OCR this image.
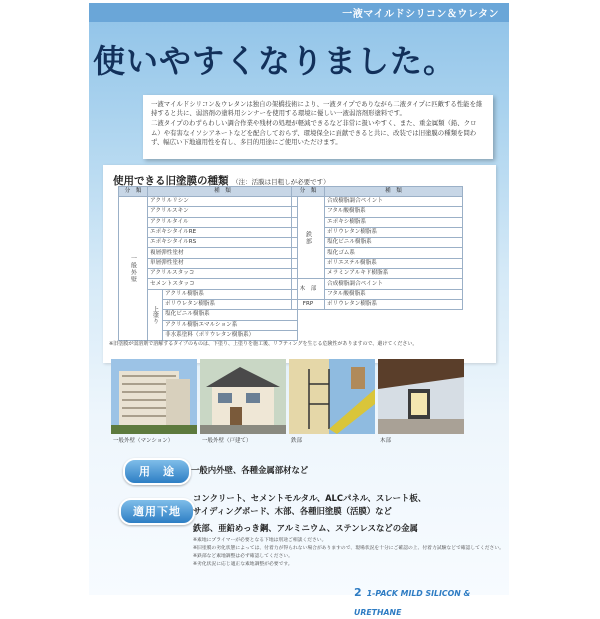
一液マイルドシリコン＆ウレタン
使いやすくなりました。

一液マイルドシリコン＆ウレタンは独自の架橋技術により、一液タイプでありながら二液タイプに匹敵する性能を維持すると共に、弱溶剤の塗料用シンナーを使用する環境に優しい一液弱溶剤形塗料です。

二液タイプのわずらわしい調合作業や残材の処理が軽減できるなど非常に扱いやすく、また、重金属類（鉛、クロム）や有害なイソシアネートなどを配合しておらず、環境保全に貢献できると共に、改装では旧塗膜の種類を問わず、幅広い下地適用性を有し、多目的用途にご使用いただけます。

使用できる旧塗膜の種類 （注：活膜は目粗しが必要です）
分　類	種　類	
一般外壁	アクリルリシン	
	アクリルスキン	
	アクリルタイル	
	エポキシタイルRE	
	エポキシタイルRS	
	複層弾性塗材	
	単層弾性塗材	
	アクリルスタッコ	
	セメントスタッコ	
	上塗り	アクリル樹脂系
		ポリウレタン樹脂系
		塩化ビニル樹脂系
		アクリル樹脂エマルション系
		非水系塗料（ポリウレタン樹脂系）
分　類	種　類
鉄部	合成樹脂調合ペイント
	フタル酸樹脂系
	エポキシ樹脂系
	ポリウレタン樹脂系
	塩化ビニル樹脂系
	塩化ゴム系
	ポリエステル樹脂系
	メラミンアルキド樹脂系
木　部	合成樹脂調合ペイント
	フタル酸樹脂系
FRP	ポリウレタン樹脂系
※旧塗膜が弱溶剤で溶解するタイプのものは、下塗り、上塗りを施工後、リフティングを生じる危険性がありますので、避けてください。
一般外壁（マンション）	一般外壁（戸建て）	鉄部	木部
用　途	一般内外壁、各種金属部材など
適用下地
コンクリート、セメントモルタル、ALCパネル、スレート板、
サイディングボード、木部、各種旧塗膜（活膜）など
鉄部、亜鉛めっき鋼、アルミニウム、ステンレスなどの金属
※素地にプライマーが必要となる下地は別途ご相談ください。
※旧塗膜の劣化状態によっては、付着力が得られない場合がありますので、現場状況を十分にご確認の上、付着力試験などで確認してください。
※鉄部など素地調整は必ず確認してください。
※劣化状況に応じ適正な素地調整が必要です。
2 1-PACK MILD SILICON & URETHANE
